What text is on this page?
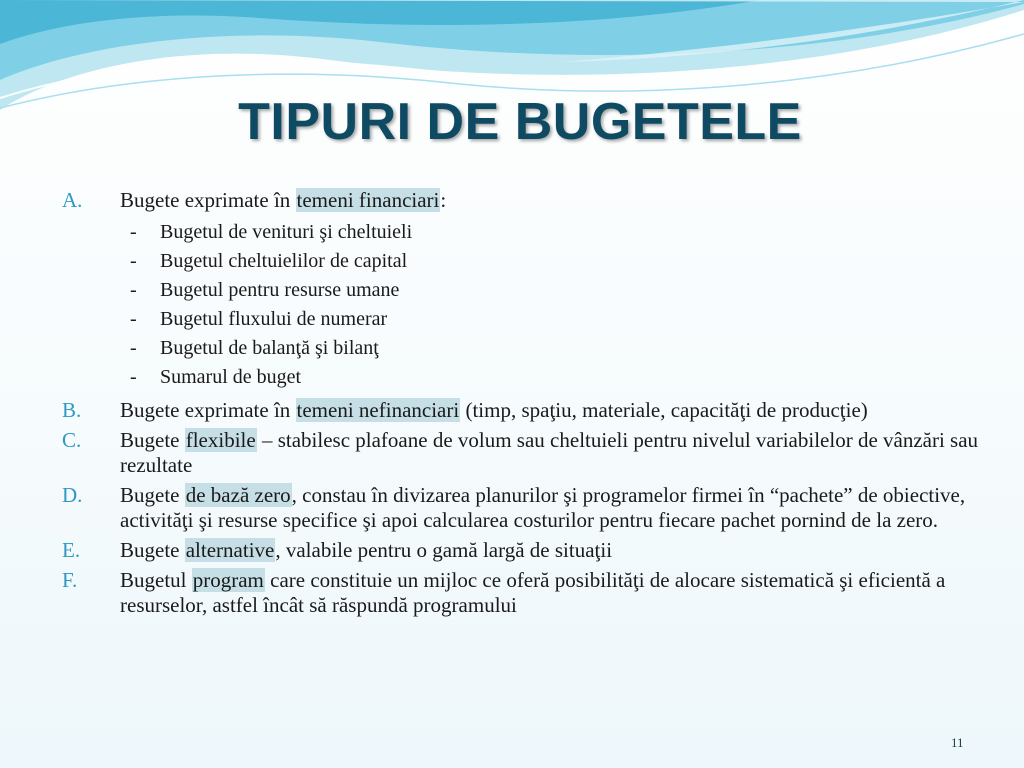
TIPURI DE BUGETELE
A.	Bugete exprimate în temeni financiari:
-	Bugetul de venituri şi cheltuieli
-	Bugetul cheltuielilor de capital
-	Bugetul pentru resurse umane
-	Bugetul fluxului de numerar
-	Bugetul de balanţă şi bilanţ
-	Sumarul de buget
B.	Bugete exprimate în temeni nefinanciari (timp, spaţiu, materiale, capacităţi de producţie)
C.	Bugete flexibile – stabilesc plafoane de volum sau cheltuieli pentru nivelul variabilelor de vânzări sau rezultate
D.	Bugete de bază zero, constau în divizarea planurilor şi programelor firmei în “pachete” de obiective, activităţi şi resurse specifice şi apoi calcularea costurilor pentru fiecare pachet pornind de la zero.
E.	Bugete alternative, valabile pentru o gamă largă de situaţii
F.	Bugetul program care constituie un mijloc ce oferă posibilităţi de alocare sistematică şi eficientă a resurselor, astfel încât să răspundă programului
11
